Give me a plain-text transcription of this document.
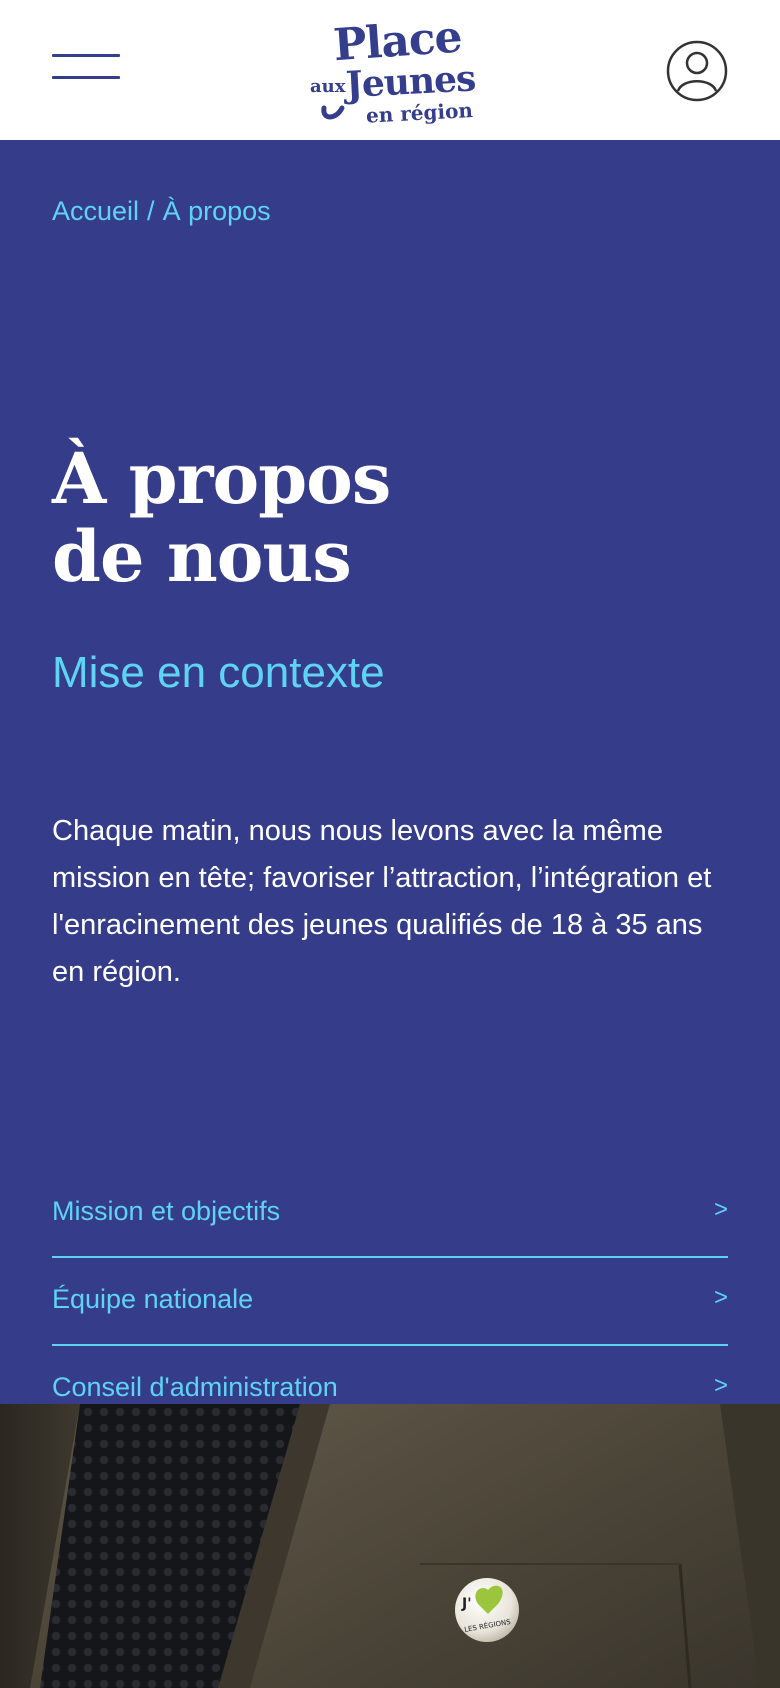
Place
aux Jeunes
en région
Accueil / À propos
À propos
de nous
Mise en contexte

Chaque matin, nous nous levons avec la même mission en tête; favoriser l’attraction, l’intégration et l'enracinement des jeunes qualifiés de 18 à 35 ans en région.

Mission et objectifs	>
Équipe nationale	>
Conseil d'administration	>
J'
LES RÉGIONS
